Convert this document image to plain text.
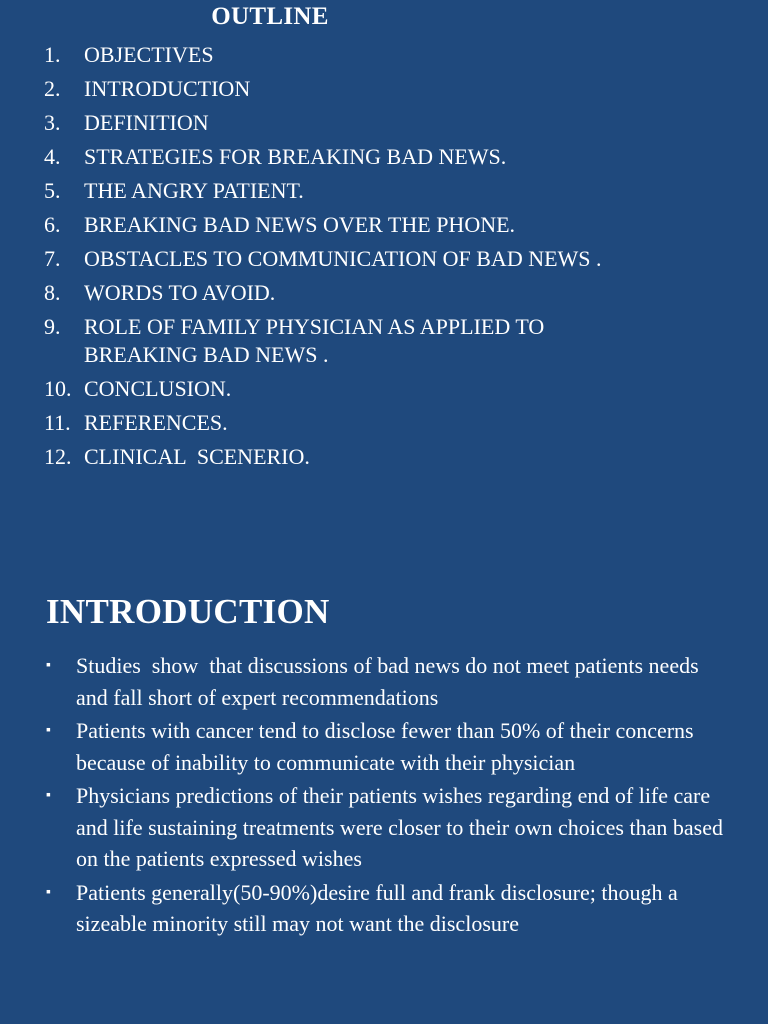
OUTLINE
1.	OBJECTIVES
2.	INTRODUCTION
3.	DEFINITION
4.	STRATEGIES FOR BREAKING BAD NEWS.
5.	THE ANGRY PATIENT.
6.	BREAKING BAD NEWS OVER THE PHONE.
7.	OBSTACLES TO COMMUNICATION OF BAD NEWS .
8.	WORDS TO AVOID.
9.	ROLE OF FAMILY PHYSICIAN AS APPLIED TO BREAKING BAD NEWS .
10. CONCLUSION.
11. REFERENCES.
12. CLINICAL  SCENERIO.
INTRODUCTION
▪	Studies  show  that discussions of bad news do not meet patients needs and fall short of expert recommendations
▪	Patients with cancer tend to disclose fewer than 50% of their concerns  because of inability to communicate with their physician
▪	Physicians predictions of their patients wishes regarding end of life care and life sustaining treatments were closer to their own choices than based on the patients expressed wishes
▪	Patients generally(50-90%)desire full and frank disclosure; though a sizeable minority still may not want the disclosure
